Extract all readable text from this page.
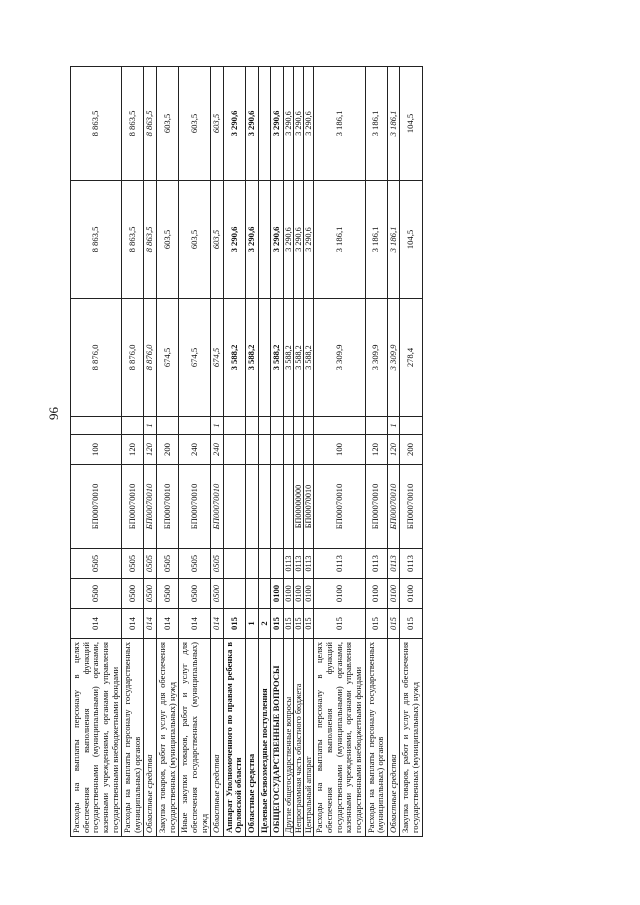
96
Расходы на выплаты персоналу в целях обеспечения выполнения функций государственными (муниципальными) органами, казенными учреждениями, органами управления государственными внебюджетными фондами	014	0500	0505	БП00070010	100		8 876,0	8 863,5	8 863,5
Расходы на выплаты персоналу государственных (муниципальных) органов	014	0500	0505	БП00070010	120		8 876,0	8 863,5	8 863,5
Областные средства	014	0500	0505	БП00070010	120	1	8 876,0	8 863,5	8 863,5
Закупка товаров, работ и услуг для обеспечения государственных (муниципальных) нужд	014	0500	0505	БП00070010	200		674,5	603,5	603,5
Иные закупки товаров, работ и услуг для обеспечения государственных (муниципальных) нужд	014	0500	0505	БП00070010	240		674,5	603,5	603,5
Областные средства	014	0500	0505	БП00070010	240	1	674,5	603,5	603,5
Аппарат Уполномоченного по правам ребенка в Орловской области	015						3 588,2	3 290,6	3 290,6
Областные средства	1						3 588,2	3 290,6	3 290,6
Целевые безвозмездные поступления	2								
ОБЩЕГОСУДАРСТВЕННЫЕ ВОПРОСЫ	015	0100					3 588,2	3 290,6	3 290,6
Другие общегосударственные вопросы	015	0100	0113				3 588,2	3 290,6	3 290,6
Непрограммная часть областного бюджета	015	0100	0113	БП00000000			3 588,2	3 290,6	3 290,6
Центральный аппарат	015	0100	0113	БП00070010			3 588,2	3 290,6	3 290,6
Расходы на выплаты персоналу в целях обеспечения выполнения функций государственными (муниципальными) органами, казенными учреждениями, органами управления государственными внебюджетными фондами	015	0100	0113	БП00070010	100		3 309,9	3 186,1	3 186,1
Расходы на выплаты персоналу государственных (муниципальных) органов	015	0100	0113	БП00070010	120		3 309,9	3 186,1	3 186,1
Областные средства	015	0100	0113	БП00070010	120	1	3 309,9	3 186,1	3 186,1
Закупка товаров, работ и услуг для обеспечения государственных (муниципальных) нужд	015	0100	0113	БП00070010	200		278,4	104,5	104,5
